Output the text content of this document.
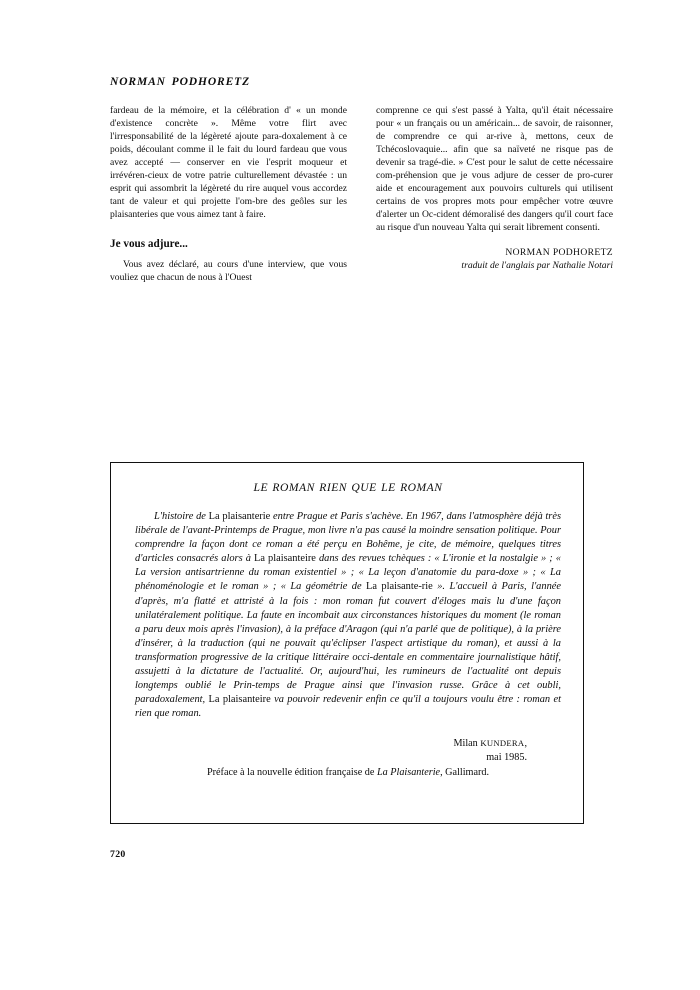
NORMAN PODHORETZ

fardeau de la mémoire, et la célébration d' « un monde d'existence concrète ». Même votre flirt avec l'irresponsabilité de la légèreté ajoute para-doxalement à ce poids, découlant comme il le fait du lourd fardeau que vous avez accepté — conserver en vie l'esprit moqueur et irrévéren-cieux de votre patrie culturellement dévastée : un esprit qui assombrit la légèreté du rire auquel vous accordez tant de valeur et qui projette l'om-bre des geôles sur les plaisanteries que vous aimez tant à faire.

Je vous adjure...

Vous avez déclaré, au cours d'une interview, que vous vouliez que chacun de nous à l'Ouest

comprenne ce qui s'est passé à Yalta, qu'il était nécessaire pour « un français ou un américain... de savoir, de raisonner, de comprendre ce qui ar-rive à, mettons, ceux de Tchécoslovaquie... afin que sa naïveté ne risque pas de devenir sa tragé-die. » C'est pour le salut de cette nécessaire com-préhension que je vous adjure de cesser de pro-curer aide et encouragement aux pouvoirs culturels qui utilisent certains de vos propres mots pour empêcher votre œuvre d'alerter un Oc-cident démoralisé des dangers qu'il court face au risque d'un nouveau Yalta qui serait librement consenti.

NORMAN PODHORETZ
traduit de l'anglais par Nathalie Notari
LE ROMAN RIEN QUE LE ROMAN

L'histoire de La plaisanterie entre Prague et Paris s'achève. En 1967, dans l'atmosphère déjà très libérale de l'avant-Printemps de Prague, mon livre n'a pas causé la moindre sensation politique. Pour comprendre la façon dont ce roman a été perçu en Bohême, je cite, de mémoire, quelques titres d'articles consacrés alors à La plaisanteire dans des revues tchèques : « L'ironie et la nostalgie » ; « La version antisartrienne du roman existentiel » ; « La leçon d'anatomie du para-doxe » ; « La phénoménologie et le roman » ; « La géométrie de La plaisante-rie ». L'accueil à Paris, l'année d'après, m'a flatté et attristé à la fois : mon roman fut couvert d'éloges mais lu d'une façon unilatéralement politique. La faute en incombait aux circonstances historiques du moment (le roman a paru deux mois après l'invasion), à la préface d'Aragon (qui n'a parlé que de politique), à la prière d'insérer, à la traduction (qui ne pouvait qu'éclipser l'aspect artistique du roman), et aussi à la transformation progressive de la critique littéraire occi-dentale en commentaire journalistique hâtif, assujetti à la dictature de l'actualité. Or, aujourd'hui, les rumineurs de l'actualité ont depuis longtemps oublié le Prin-temps de Prague ainsi que l'invasion russe. Grâce à cet oubli, paradoxalement, La plaisanteire va pouvoir redevenir enfin ce qu'il a toujours voulu être : roman et rien que roman.

Milan KUNDERA,
mai 1985.

Préface à la nouvelle édition française de La Plaisanterie, Gallimard.

720
